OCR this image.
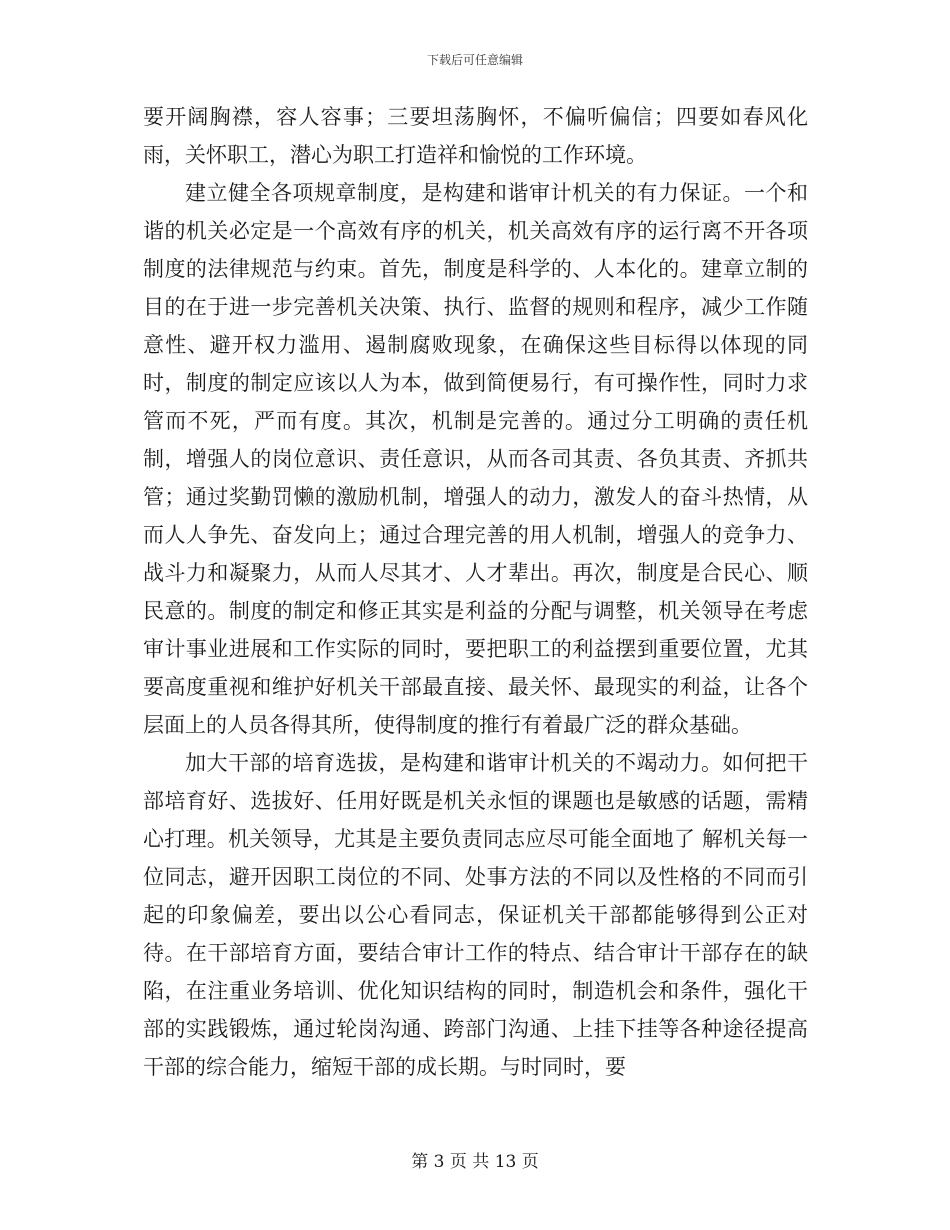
下载后可任意编辑

要开阔胸襟，容人容事；三要坦荡胸怀，不偏听偏信；四要如春风化雨，关怀职工，潜心为职工打造祥和愉悦的工作环境。

建立健全各项规章制度，是构建和谐审计机关的有力保证。一个和谐的机关必定是一个高效有序的机关，机关高效有序的运行离不开各项制度的法律规范与约束。首先，制度是科学的、人本化的。建章立制的目的在于进一步完善机关决策、执行、监督的规则和程序，减少工作随意性、避开权力滥用、遏制腐败现象，在确保这些目标得以体现的同时，制度的制定应该以人为本，做到简便易行，有可操作性，同时力求管而不死，严而有度。其次，机制是完善的。通过分工明确的责任机制，增强人的岗位意识、责任意识，从而各司其责、各负其责、齐抓共管；通过奖勤罚懒的激励机制，增强人的动力，激发人的奋斗热情，从而人人争先、奋发向上；通过合理完善的用人机制，增强人的竞争力、战斗力和凝聚力，从而人尽其才、人才辈出。再次，制度是合民心、顺民意的。制度的制定和修正其实是利益的分配与调整，机关领导在考虑审计事业进展和工作实际的同时，要把职工的利益摆到重要位置，尤其要高度重视和维护好机关干部最直接、最关怀、最现实的利益，让各个层面上的人员各得其所，使得制度的推行有着最广泛的群众基础。

加大干部的培育选拔，是构建和谐审计机关的不竭动力。如何把干部培育好、选拔好、任用好既是机关永恒的课题也是敏感的话题，需精心打理。机关领导，尤其是主要负责同志应尽可能全面地了 解机关每一位同志，避开因职工岗位的不同、处事方法的不同以及性格的不同而引起的印象偏差，要出以公心看同志，保证机关干部都能够得到公正对待。在干部培育方面，要结合审计工作的特点、结合审计干部存在的缺陷，在注重业务培训、优化知识结构的同时，制造机会和条件，强化干部的实践锻炼，通过轮岗沟通、跨部门沟通、上挂下挂等各种途径提高干部的综合能力，缩短干部的成长期。与时同时，要

第 3 页 共 13 页
